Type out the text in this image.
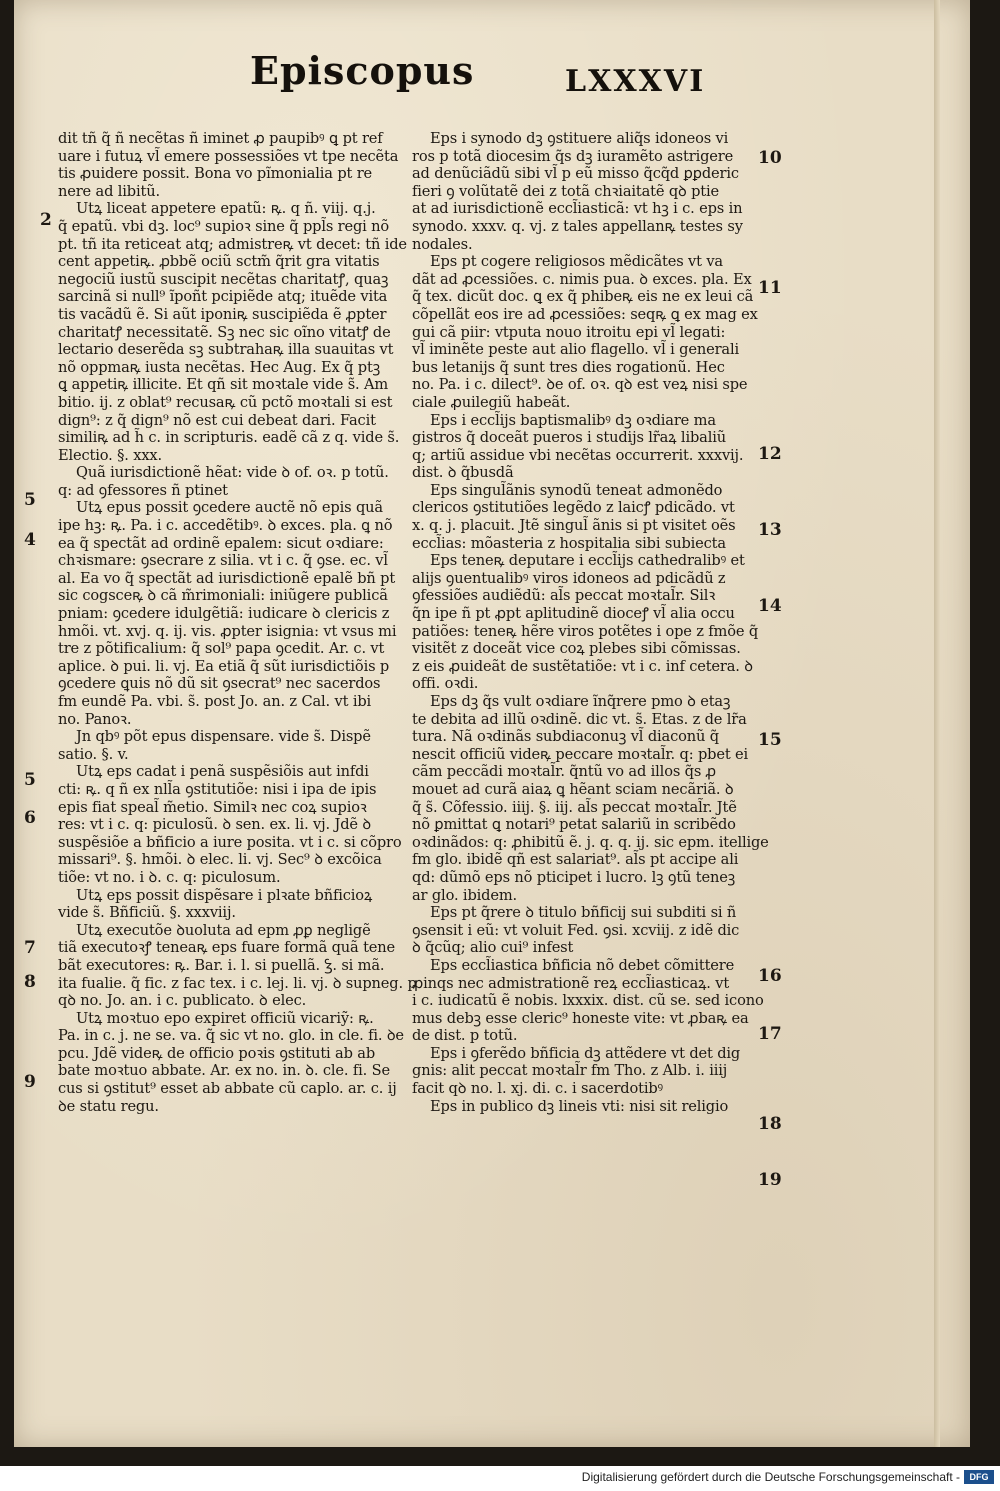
Episcopus	LXXXVI
dit tñ q̃ ñ necẽtas ñ iminet ꝓ paupibꝰ ꝗ pt ref
uare i futuꝝ vl̃ emere possessiões vt tpe necẽta
tis ꝓuidere possit. Bona vo pĩmonialia pt re
nere ad libitũ.
Utꝝ liceat appetere epatũ: ꝶ. q ñ. viij. q.j.
q̃ epatũ. vbi dꝫ. loc⁹ supioꝛ sine q̃ ppl̃s regi nõ
pt. tñ ita reticeat atq; admistreꝶ vt decet: tñ ide
cent appetiꝶ. ꝓbbẽ ociũ sctm̃ q̃rit gra vitatis
negociũ iustũ suscipit necẽtas charitatꝭ, quaꝫ
sarcinã si null⁹ ĩpoñt pcipiẽde atq; ituẽde vita
tis vacãdũ ẽ. Si aũt iponiꝶ suscipiẽda ẽ ꝓpter
charitatꝭ necessitatẽ. Sꝫ nec sic oĩno vitatꝭ de
lectario deserẽda sꝫ subtrahaꝶ illa suauitas vt
nõ oppmaꝶ iusta necẽtas. Hec Aug. Ex q̃ ptꝫ
ꝗ appetiꝶ illicite. Et qñ sit moꝛtale vide s̃. Am
bitio. ij. z oblat⁹ recusaꝶ cũ pctõ moꝛtali si est
dign⁹: z q̃ dign⁹ nõ est cui debeat dari. Facit
similiꝶ ad h̃ c. in scripturis. eadẽ cã z q. vide s̃.
Electio. §. xxx.
Quã iurisdictionẽ hẽat: vide ꝺ of. oꝛ. p totũ.
q: ad ꝯfessores ñ ptinet
Utꝝ epus possit ꝯcedere auctẽ nõ epis quã
ipe hꝫ: ꝶ. Pa. i c. accedẽtibꝰ. ꝺ exces. pla. ꝗ nõ
ea q̃ spectãt ad ordinẽ epalem: sicut oꝛdiare:
chꝛismare: ꝯsecrare z silia. vt i c. q̃ ꝯse. ec. vl̃
al. Ea vo q̃ spectãt ad iurisdictionẽ epalẽ bñ pt
sic cogsceꝶ ꝺ cã m̃rimoniali: iniũgere publicã
pniam: ꝯcedere idulgẽtiã: iudicare ꝺ clericis z
hmõi. vt. xvj. q. ij. vis. ꝓpter isignia: vt vsus mi
tre z põtificalium: q̃ sol⁹ papa ꝯcedit. Ar. c. vt
aplice. ꝺ pui. li. vj. Ea etiã q̃ sũt iurisdictiõis p
ꝯcedere ꝗuis nõ dũ sit ꝯsecrat⁹ nec sacerdos
fm eundẽ Pa. vbi. s̃. post Jo. an. z Cal. vt ibi
no. Panoꝛ.
Jn qbꝰ põt epus dispensare. vide s̃. Dispẽ
satio. §. v.
Utꝝ eps cadat i penã suspẽsiõis aut infdi
cti: ꝶ. q ñ ex nll̃a ꝯstitutiõe: nisi i ipa de ipis
epis fiat speal̃ m̃etio. Similꝛ nec coꝝ supioꝛ
res: vt i c. q: piculosũ. ꝺ sen. ex. li. vj. Jdẽ ꝺ
suspẽsiõe a bñficio a iure posita. vt i c. si cõpro
missari⁹. §. hmõi. ꝺ elec. li. vj. Sec⁹ ꝺ excõica
tiõe: vt no. i ꝺ. c. q: piculosum.
Utꝝ eps possit dispẽsare i plꝛate bñficioꝝ
vide s̃. Bñficiũ. §. xxxviij.
Utꝝ executõe ꝺuoluta ad epm ꝓꝑ negligẽ
tiã executoꝛꝭ teneaꝶ eps fuare formã quã tene
bãt executores: ꝶ. Bar. i. l. si puellã. Ꝣ. si mã.
ita fualie. q̃ fic. z fac tex. i c. lej. li. vj. ꝺ supneg. p
qꝺ no. Jo. an. i c. publicato. ꝺ elec.
Utꝝ moꝛtuo epo expiret officiũ vicariỹ: ꝶ.
Pa. in c. j. ne se. va. q̃ sic vt no. glo. in cle. fi. ꝺe
pcu. Jdẽ videꝶ de officio poꝛis ꝯstituti ab ab
bate moꝛtuo abbate. Ar. ex no. in. ꝺ. cle. fi. Se
cus si ꝯstitut⁹ esset ab abbate cũ caplo. ar. c. ij
ꝺe statu regu.
Eps i synodo dꝫ ꝯstituere aliq̃s idoneos vi
ros p totã diocesim q̃s dꝫ iuramẽto astrigere
ad denũciãdũ sibi vl̃ p eũ misso q̃cq̃d ꝑꝑderic
fieri ꝯ volũtatẽ dei z totã chꝛiaitatẽ qꝺ ptie
at ad iurisdictionẽ eccl̃iasticã: vt hꝫ i c. eps in
synodo. xxxv. q. vj. z tales appellanꝶ testes sy
nodales.
Eps pt cogere religiosos mẽdicãtes vt va
dãt ad ꝓcessiões. c. nimis pua. ꝺ exces. pla. Ex
q̃ tex. dicũt doc. ꝗ ex q̃ phibeꝶ eis ne ex leui cã
cõpellãt eos ire ad ꝓcessiões: seqꝶ ꝗ ex mag ex
gui cã piir: vtputa nouo itroitu epi vl̃ legati:
vl̃ iminẽte peste aut alio flagello. vl̃ i generali
bus letanijs q̃ sunt tres dies rogationũ. Hec
no. Pa. i c. dilect⁹. ꝺe of. oꝛ. qꝺ est veꝝ nisi spe
ciale ꝓuilegiũ habeãt.
Eps i eccl̃ijs baptismalibꝰ dꝫ oꝛdiare ma
gistros q̃ doceãt pueros i studijs lr̃aꝝ libaliũ
q; artiũ assidue vbi necẽtas occurrerit. xxxvij.
dist. ꝺ q̃busdã
Eps singul̃ãnis synodũ teneat admonẽdo
clericos ꝯstitutiões legẽdo z laicꝭ pdicãdo. vt
x. q. j. placuit. Jtẽ singul̃ ãnis si pt visitet oẽs
eccl̃ias: mõasteria z hospitalia sibi subiecta
Eps teneꝶ deputare i eccl̃ijs cathedralibꝰ et
alijs ꝯuentualibꝰ viros idoneos ad pdicãdũ z
ꝯfessiões audiẽdũ: al̃s peccat moꝛtal̃r. Silꝛ
q̃n ipe ñ pt ꝓpt aplitudinẽ dioceꝭ vl̃ alia occu
patiões: teneꝶ hẽre viros potẽtes i ope z fmõe q̃
visitẽt z doceãt vice coꝝ plebes sibi cõmissas.
z eis ꝓuideãt de sustẽtatiõe: vt i c. inf cetera. ꝺ
offi. oꝛdi.
Eps dꝫ q̃s vult oꝛdiare ĩnq̃rere pmo ꝺ etaꝫ
te debita ad illũ oꝛdinẽ. dic vt. s̃. Etas. z de lr̃a
tura. Nã oꝛdinãs subdiaconuꝫ vl̃ diaconũ q̃
nescit officiũ videꝶ peccare moꝛtal̃r. q: pbet ei
cãm peccãdi moꝛtal̃r. q̃ntũ vo ad illos q̃s ꝓ
mouet ad curã aiaꝝ ꝗ hẽant sciam necãriã. ꝺ
q̃ s̃. Cõfessio. iiij. §. iij. al̃s peccat moꝛtal̃r. Jtẽ
nõ ꝑmittat ꝗ notari⁹ petat salariũ in scribẽdo
oꝛdinãdos: q: ꝓhibitũ ẽ. j. q. q. ij. sic epm. itellige
fm glo. ibidẽ qñ est salariat⁹. al̃s pt accipe ali
qd: dũmõ eps nõ pticipet i lucro. lꝫ ꝯtũ teneꝫ
ar glo. ibidem.
Eps pt q̃rere ꝺ titulo bñficij sui subditi si ñ
ꝯsensit i eũ: vt voluit Fed. ꝯsi. xcviij. z idẽ dic
ꝺ q̃cũq; alio cui⁹ infest
Eps eccl̃iastica bñficia nõ debet cõmittere
ꝓinqs nec admistrationẽ reꝝ eccl̃iasticaꝝ. vt
i c. iudicatũ ẽ nobis. lxxxix. dist. cũ se. sed icono
mus debꝫ esse cleric⁹ honeste vite: vt ꝓbaꝶ ea
de dist. p totũ.
Eps i ꝯferẽdo bñficia dꝫ attẽdere vt det dig
gnis: alit peccat moꝛtal̃r fm Tho. z Alb. i. iiij
facit qꝺ no. l. xj. di. c. i sacerdotibꝰ
Eps in publico dꝫ lineis vti: nisi sit religio
2
5
4
5
6
7
8
9
10
11
12
13
14
15
16
17
18
19
Digitalisierung gefördert durch die Deutsche Forschungsgemeinschaft -	DFG
